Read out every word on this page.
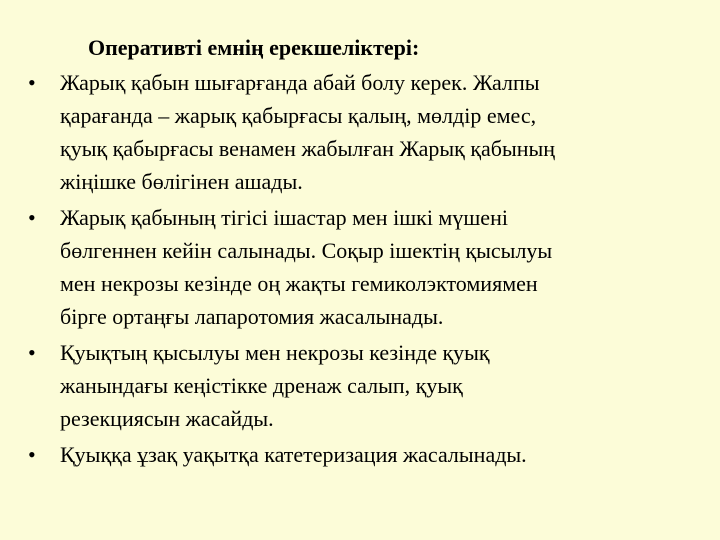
Оперативті емнің ерекшеліктері:
• Жарық қабын шығарғанда абай болу керек. Жалпы
қарағанда – жарық қабырғасы қалың, мөлдір емес,
қуық қабырғасы венамен жабылған Жарық қабының
жіңішке бөлігінен ашады.
• Жарық қабының тігісі ішастар мен ішкі мүшені
бөлгеннен кейін салынады. Соқыр ішектің қысылуы
мен некрозы кезінде оң жақты гемиколэктомиямен
бірге ортаңғы лапаротомия жасалынады.
• Қуықтың қысылуы мен некрозы кезінде қуық
жанындағы кеңістікке дренаж салып, қуық
резекциясын жасайды.
• Қуыққа ұзақ уақытқа катетеризация жасалынады.
